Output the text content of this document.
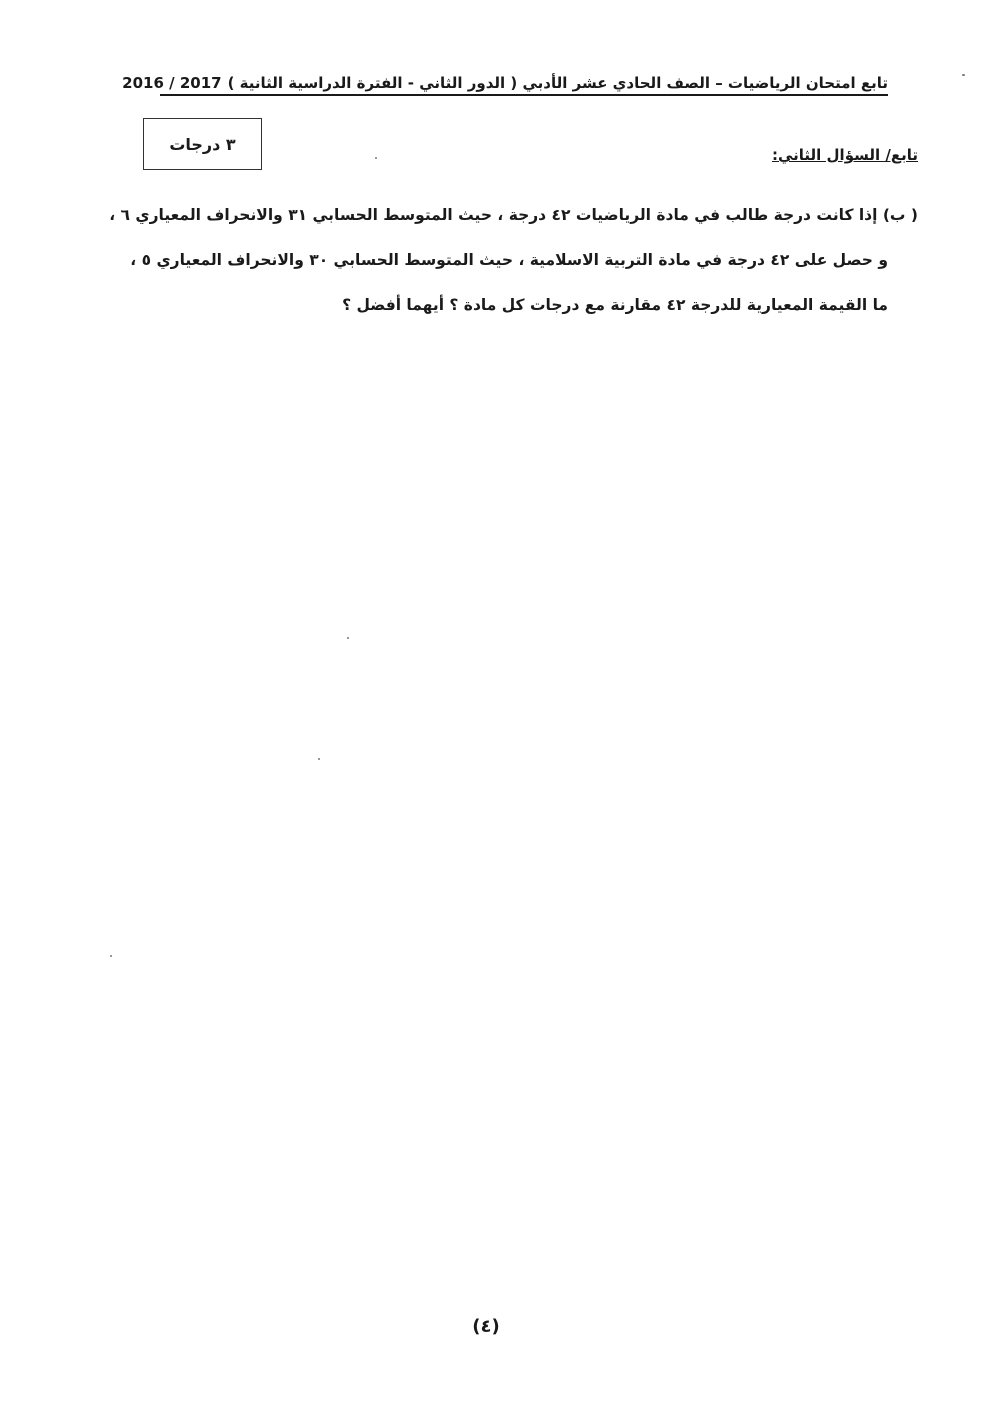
تابع امتحان الرياضيات – الصف الحادي عشر الأدبي ( الدور الثاني - الفترة الدراسية الثانية )2016 / 2017
٣ درجات
تابع/ السؤال الثاني:
( ب) إذا كانت درجة طالب في مادة الرياضيات ٤٢ درجة ، حيث المتوسط الحسابي ٣١ والانحراف المعياري ٦ ،
و حصل على ٤٢ درجة في مادة التربية الاسلامية ، حيث المتوسط الحسابي ٣٠ والانحراف المعياري ٥ ،
ما القيمة المعيارية للدرجة ٤٢ مقارنة مع درجات كل مادة ؟ أيهما أفضل ؟
(٤)
